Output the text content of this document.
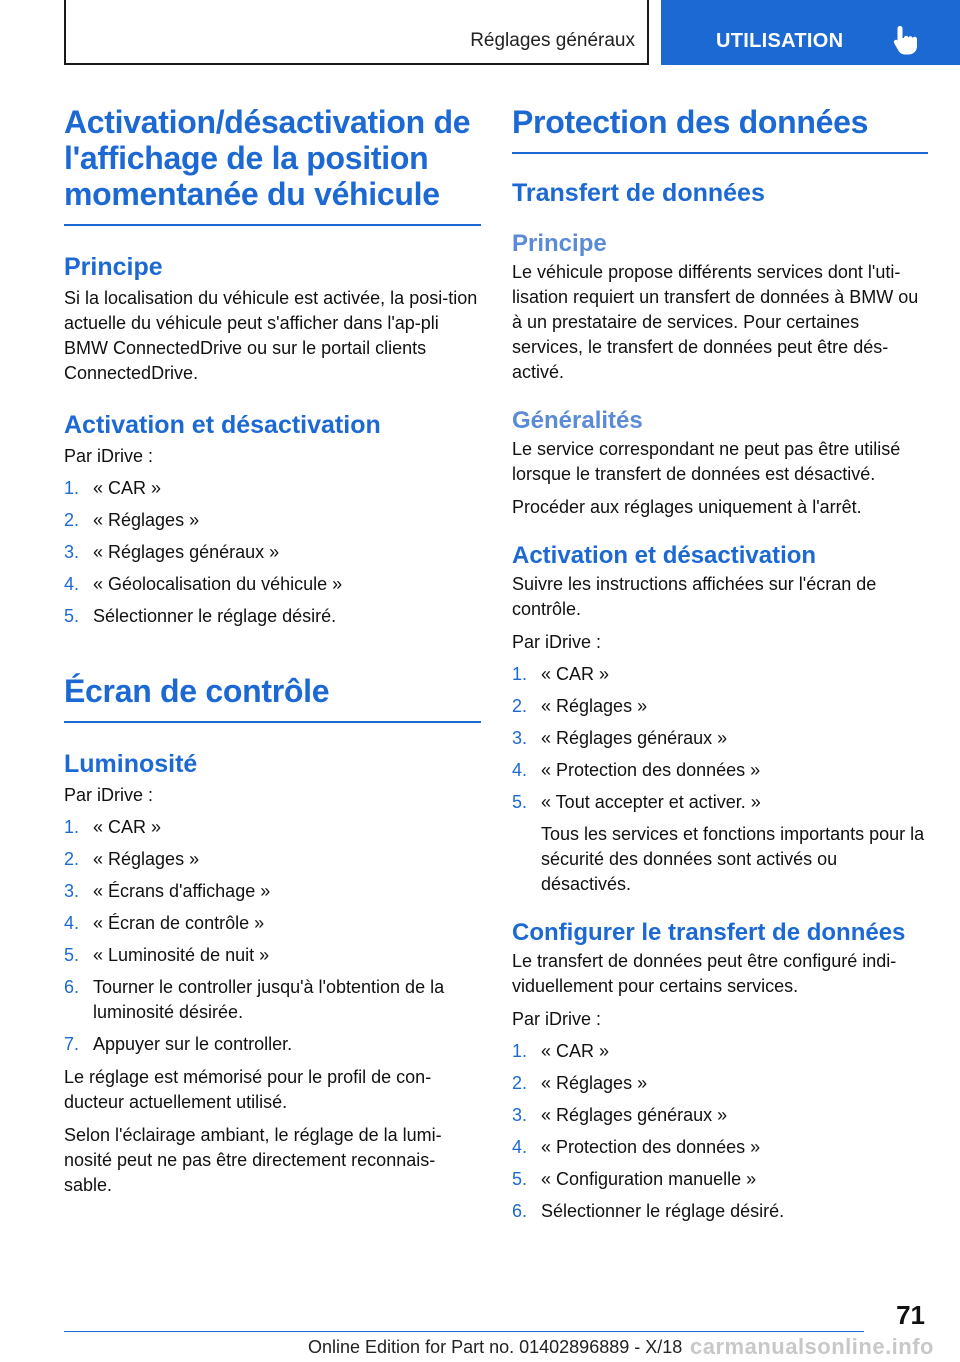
Réglages généraux	UTILISATION
Activation/désactivation de l'affichage de la position momentanée du véhicule
Principe

Si la localisation du véhicule est activée, la posi-tion actuelle du véhicule peut s'afficher dans l'ap-pli BMW ConnectedDrive ou sur le portail clients ConnectedDrive.

Activation et désactivation

Par iDrive :

1. « CAR »
2. « Réglages »
3. « Réglages généraux »
4. « Géolocalisation du véhicule »
5. Sélectionner le réglage désiré.
Écran de contrôle
Luminosité

Par iDrive :

1. « CAR »
2. « Réglages »
3. « Écrans d'affichage »
4. « Écran de contrôle »
5. « Luminosité de nuit »
6. Tourner le controller jusqu'à l'obtention de la luminosité désirée.
7. Appuyer sur le controller.

Le réglage est mémorisé pour le profil de con-ducteur actuellement utilisé.

Selon l'éclairage ambiant, le réglage de la lumi-nosité peut ne pas être directement reconnais-sable.

Protection des données
Transfert de données
Principe

Le véhicule propose différents services dont l'uti-lisation requiert un transfert de données à BMW ou à un prestataire de services. Pour certaines services, le transfert de données peut être dés-activé.

Généralités

Le service correspondant ne peut pas être utilisé lorsque le transfert de données est désactivé.

Procéder aux réglages uniquement à l'arrêt.

Activation et désactivation

Suivre les instructions affichées sur l'écran de contrôle.

Par iDrive :

1. « CAR »
2. « Réglages »
3. « Réglages généraux »
4. « Protection des données »
5. « Tout accepter et activer. »

Tous les services et fonctions importants pour la sécurité des données sont activés ou désactivés.

Configurer le transfert de données

Le transfert de données peut être configuré indi-viduellement pour certains services.

Par iDrive :

1. « CAR »
2. « Réglages »
3. « Réglages généraux »
4. « Protection des données »
5. « Configuration manuelle »
6. Sélectionner le réglage désiré.
71
Online Edition for Part no. 01402896889 - X/18 carmanualsonline.info
